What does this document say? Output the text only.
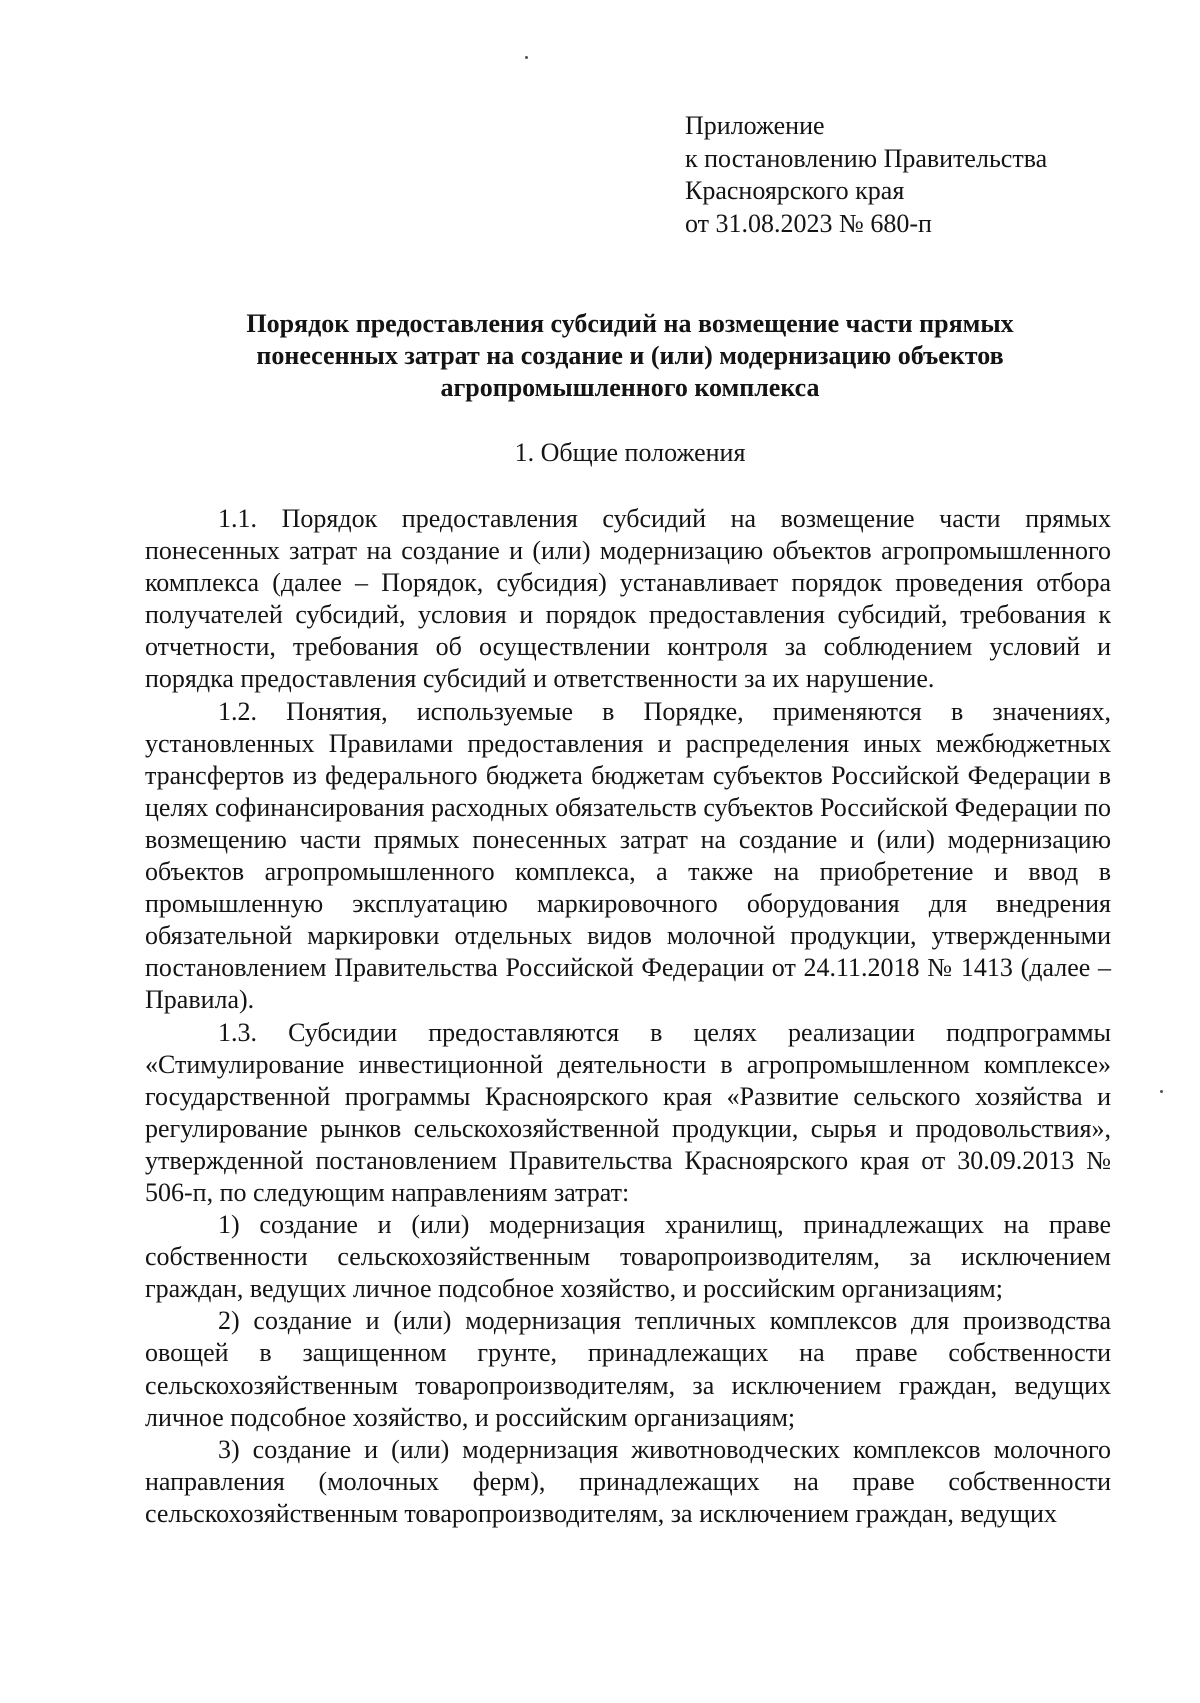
Приложение
к постановлению Правительства
Красноярского края
от 31.08.2023 № 680-п
Порядок предоставления субсидий на возмещение части прямых
понесенных затрат на создание и (или) модернизацию объектов
агропромышленного комплекса
1. Общие положения

1.1. Порядок предоставления субсидий на возмещение части прямых понесенных затрат на создание и (или) модернизацию объектов агропромышленного комплекса (далее – Порядок, субсидия) устанавливает порядок проведения отбора получателей субсидий, условия и порядок предоставления субсидий, требования к отчетности, требования об осуществлении контроля за соблюдением условий и порядка предоставления субсидий и ответственности за их нарушение.

1.2. Понятия, используемые в Порядке, применяются в значениях, установленных Правилами предоставления и распределения иных межбюджетных трансфертов из федерального бюджета бюджетам субъектов Российской Федерации в целях софинансирования расходных обязательств субъектов Российской Федерации по возмещению части прямых понесенных затрат на создание и (или) модернизацию объектов агропромышленного комплекса, а также на приобретение и ввод в промышленную эксплуатацию маркировочного оборудования для внедрения обязательной маркировки отдельных видов молочной продукции, утвержденными постановлением Правительства Российской Федерации от 24.11.2018 № 1413 (далее – Правила).

1.3. Субсидии предоставляются в целях реализации подпрограммы «Стимулирование инвестиционной деятельности в агропромышленном комплексе» государственной программы Красноярского края «Развитие сельского хозяйства и регулирование рынков сельскохозяйственной продукции, сырья и продовольствия», утвержденной постановлением Правительства Красноярского края от 30.09.2013 № 506-п, по следующим направлениям затрат:

1) создание и (или) модернизация хранилищ, принадлежащих на праве собственности сельскохозяйственным товаропроизводителям, за исключением граждан, ведущих личное подсобное хозяйство, и российским организациям;

2) создание и (или) модернизация тепличных комплексов для производства овощей в защищенном грунте, принадлежащих на праве собственности сельскохозяйственным товаропроизводителям, за исключением граждан, ведущих личное подсобное хозяйство, и российским организациям;

3) создание и (или) модернизация животноводческих комплексов молочного направления (молочных ферм), принадлежащих на праве собственности сельскохозяйственным товаропроизводителям, за исключением граждан, ведущих
